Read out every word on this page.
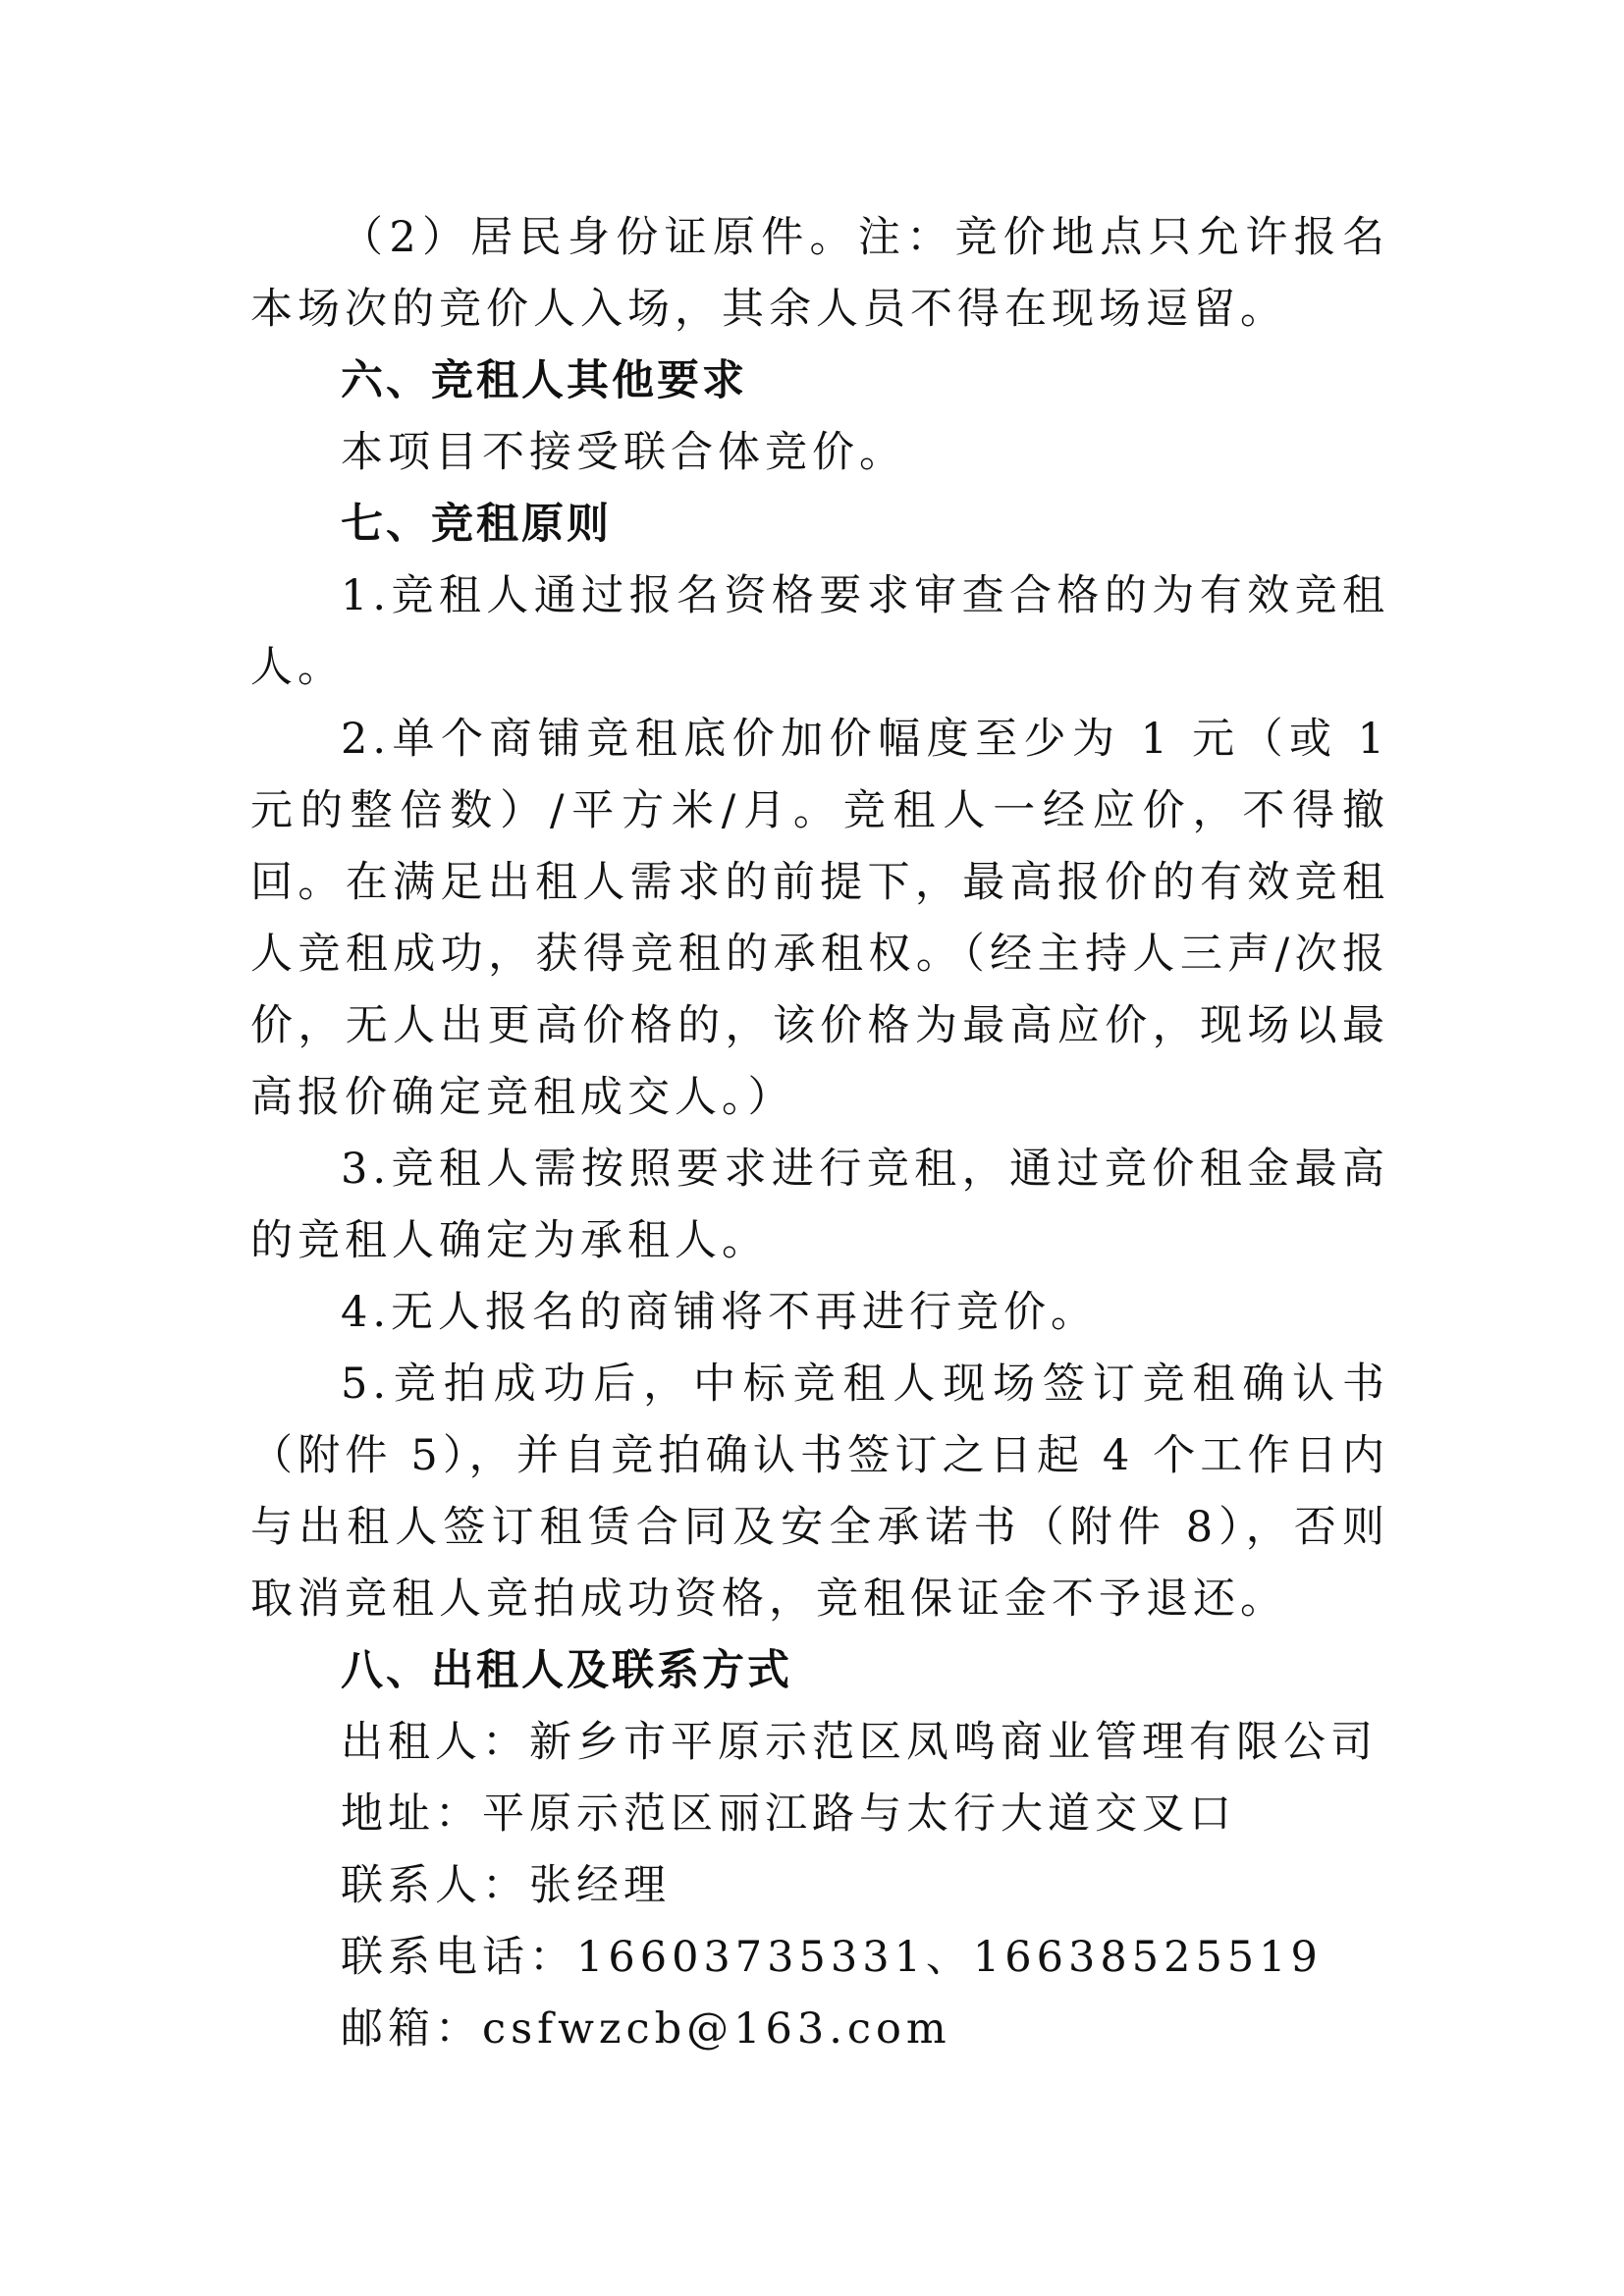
（2）居民身份证原件。注：竞价地点只允许报名本场次的竞价人入场，其余人员不得在现场逗留。

六、竞租人其他要求

本项目不接受联合体竞价。

七、竞租原则

1.竞租人通过报名资格要求审查合格的为有效竞租人。

2.单个商铺竞租底价加价幅度至少为 1 元（或 1 元的整倍数）/平方米/月。竞租人一经应价，不得撤回。在满足出租人需求的前提下，最高报价的有效竞租人竞租成功，获得竞租的承租权。（经主持人三声/次报价，无人出更高价格的，该价格为最高应价，现场以最高报价确定竞租成交人。）

3.竞租人需按照要求进行竞租，通过竞价租金最高的竞租人确定为承租人。

4.无人报名的商铺将不再进行竞价。

5.竞拍成功后，中标竞租人现场签订竞租确认书（附件 5），并自竞拍确认书签订之日起 4 个工作日内与出租人签订租赁合同及安全承诺书（附件 8），否则取消竞租人竞拍成功资格，竞租保证金不予退还。

八、出租人及联系方式

出租人：新乡市平原示范区凤鸣商业管理有限公司

地址：平原示范区丽江路与太行大道交叉口

联系人：张经理

联系电话：16603735331、16638525519

邮箱：csfwzcb@163.com
